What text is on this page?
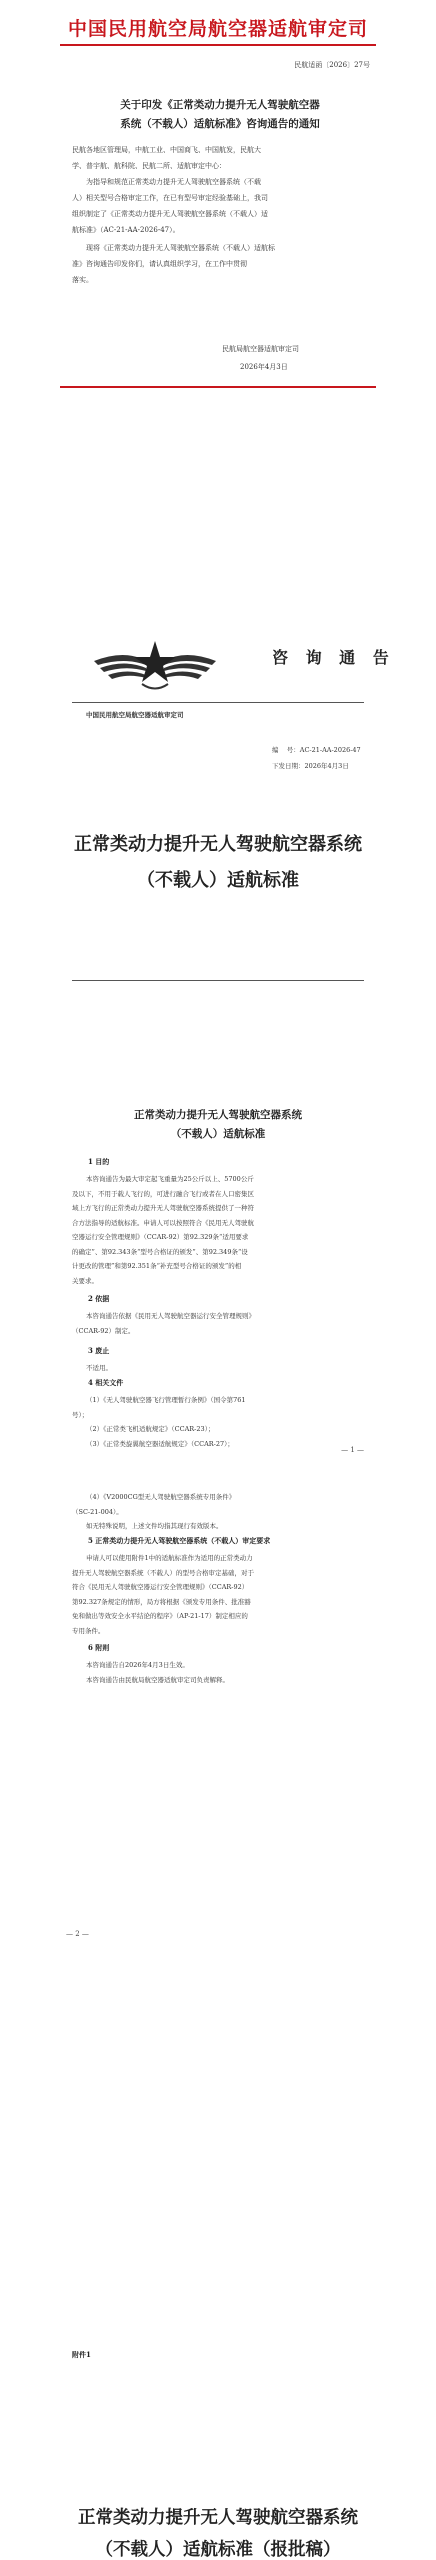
中国民用航空局航空器适航审定司
民航适函〔2026〕27号
关于印发《正常类动力提升无人驾驶航空器
系统（不载人）适航标准》咨询通告的通知
民航各地区管理局，中航工业、中国商飞、中国航发，民航大
学、普宇航、航科院、民航二所、适航审定中心：
为指导和规范正常类动力提升无人驾驶航空器系统（不载
人）相关型号合格审定工作，在已有型号审定经验基础上，我司
组织制定了《正常类动力提升无人驾驶航空器系统（不载人）适
航标准》（AC-21-AA-2026-47）。
现将《正常类动力提升无人驾驶航空器系统（不载人）适航标
准》咨询通告印发你们，请认真组织学习，在工作中贯彻
落实。
民航局航空器适航审定司
2026年4月3日
咨 询 通 告
中国民用航空局航空器适航审定司
编 号：AC-21-AA-2026-47
下发日期：2026年4月3日
正常类动力提升无人驾驶航空器系统
（不载人）适航标准
正常类动力提升无人驾驶航空器系统
（不载人）适航标准
1 目的
本咨询通告为最大审定起飞重量为25公斤以上、5700公斤
及以下，不用于载人飞行的，可进行融合飞行或者在人口密集区
域上方飞行的正常类动力提升无人驾驶航空器系统提供了一种符
合方法指导的适航标准。申请人可以按照符合《民用无人驾驶航
空器运行安全管理规则》（CCAR-92）第92.329条“适用要求
的确定”、第92.343条“型号合格证的颁发”、第92.349条“设
计更改的管理”和第92.351条“补充型号合格证的颁发”的相
关要求。
2 依据
本咨询通告依据《民用无人驾驶航空器运行安全管理规则》
（CCAR-92）制定。
3 废止
不适用。
4 相关文件
（1）《无人驾驶航空器飞行管理暂行条例》（国令第761
号）；
（2）《正常类飞机适航规定》（CCAR-23）；
（3）《正常类旋翼航空器适航规定》（CCAR-27）；
— 1 —
（4）《V2000CG型无人驾驶航空器系统专用条件》
（SC-21-004）。
如无特殊说明，上述文件均指其现行有效版本。
5 正常类动力提升无人驾驶航空器系统（不载人）审定要求
申请人可以使用附件1中的适航标准作为适用的正常类动力
提升无人驾驶航空器系统（不载人）的型号合格审定基础，对于
符合《民用无人驾驶航空器运行安全管理规则》（CCAR-92）
第92.327条规定的情形，局方将根据《颁发专用条件、批准豁
免和做出等效安全水平结论的程序》（AP-21-17）制定相应的
专用条件。
6 附则
本咨询通告自2026年4月3日生效。
本咨询通告由民航局航空器适航审定司负责解释。
— 2 —
附件1
正常类动力提升无人驾驶航空器系统
（不载人）适航标准（报批稿）
